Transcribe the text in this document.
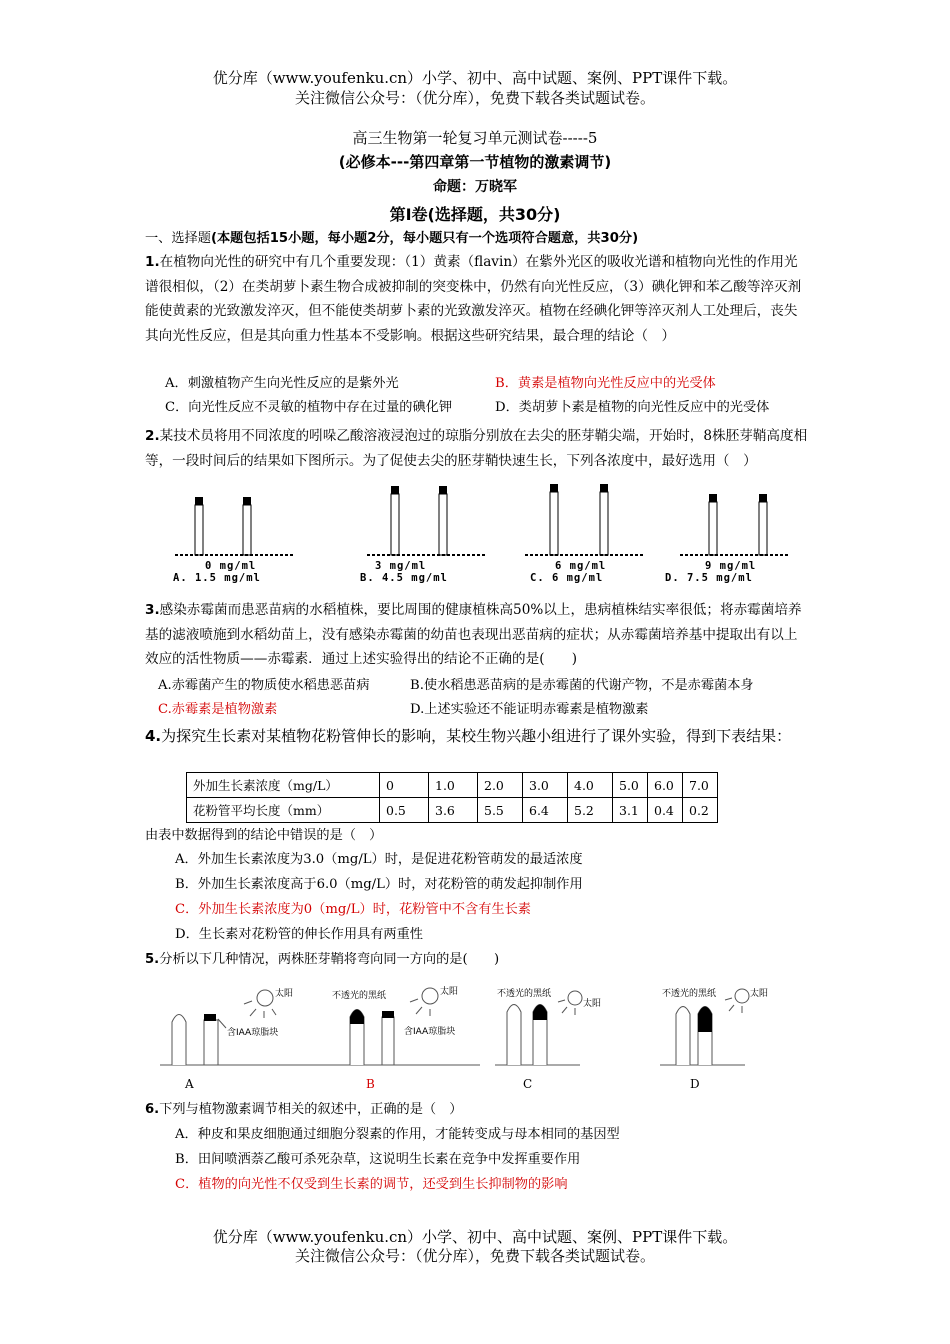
优分库（www.youfenku.cn）小学、初中、高中试题、案例、PPT课件下载。
关注微信公众号：（优分库），免费下载各类试题试卷。
高三生物第一轮复习单元测试卷-----5
(必修本---第四章第一节植物的激素调节)
命题：万晓军
第Ⅰ卷(选择题，共30分)
一、选择题(本题包括15小题，每小题2分，每小题只有一个选项符合题意，共30分)
1.在植物向光性的研究中有几个重要发现：（1）黄素（flavin）在紫外光区的吸收光谱和植物向光性的作用光谱很相似，（2）在类胡萝卜素生物合成被抑制的突变株中，仍然有向光性反应，（3）碘化钾和苯乙酸等淬灭剂能使黄素的光致激发淬灭，但不能使类胡萝卜素的光致激发淬灭。植物在经碘化钾等淬灭剂人工处理后，丧失其向光性反应，但是其向重力性基本不受影响。根据这些研究结果，最合理的结论（　）
A．刺激植物产生向光性反应的是紫外光	B．黄素是植物向光性反应中的光受体
C．向光性反应不灵敏的植物中存在过量的碘化钾	D．类胡萝卜素是植物的向光性反应中的光受体
2.某技术员将用不同浓度的吲哚乙酸溶液浸泡过的琼脂分别放在去尖的胚芽鞘尖端，开始时，8株胚芽鞘高度相等，一段时间后的结果如下图所示。为了促使去尖的胚芽鞘快速生长，下列各浓度中，最好选用（　）
0 mg/ml
A. 1.5 mg/ml
3 mg/ml
B. 4.5 mg/ml
6 mg/ml
C. 6 mg/ml
9 mg/ml
D. 7.5 mg/ml
3.感染赤霉菌而患恶苗病的水稻植株，要比周围的健康植株高50%以上，患病植株结实率很低；将赤霉菌培养基的滤液喷施到水稻幼苗上，没有感染赤霉菌的幼苗也表现出恶苗病的症状；从赤霉菌培养基中提取出有以上效应的活性物质——赤霉素．通过上述实验得出的结论不正确的是(　　)
A.赤霉菌产生的物质使水稻患恶苗病	B.使水稻患恶苗病的是赤霉菌的代谢产物，不是赤霉菌本身
C.赤霉素是植物激素	D.上述实验还不能证明赤霉素是植物激素
4.为探究生长素对某植物花粉管伸长的影响，某校生物兴趣小组进行了课外实验，得到下表结果：
外加生长素浓度（mg/L）	0	1.0	2.0	3.0	4.0	5.0	6.0	7.0
花粉管平均长度（mm）	0.5	3.6	5.5	6.4	5.2	3.1	0.4	0.2
由表中数据得到的结论中错误的是（　）
A．外加生长素浓度为3.0（mg/L）时，是促进花粉管萌发的最适浓度
B．外加生长素浓度高于6.0（mg/L）时，对花粉管的萌发起抑制作用
C．外加生长素浓度为0（mg/L）时，花粉管中不含有生长素
D．生长素对花粉管的伸长作用具有两重性
5.分析以下几种情况，两株胚芽鞘将弯向同一方向的是(　　)
太阳
含IAA琼脂块
A
不透光的黑纸	太阳
含IAA琼脂块
B
不透光的黑纸
太阳
C
不透光的黑纸	太阳
D
6.下列与植物激素调节相关的叙述中，正确的是（　）
A．种皮和果皮细胞通过细胞分裂素的作用，才能转变成与母本相同的基因型
B．田间喷洒萘乙酸可杀死杂草，这说明生长素在竞争中发挥重要作用
C．植物的向光性不仅受到生长素的调节，还受到生长抑制物的影响
优分库（www.youfenku.cn）小学、初中、高中试题、案例、PPT课件下载。
关注微信公众号：（优分库），免费下载各类试题试卷。
